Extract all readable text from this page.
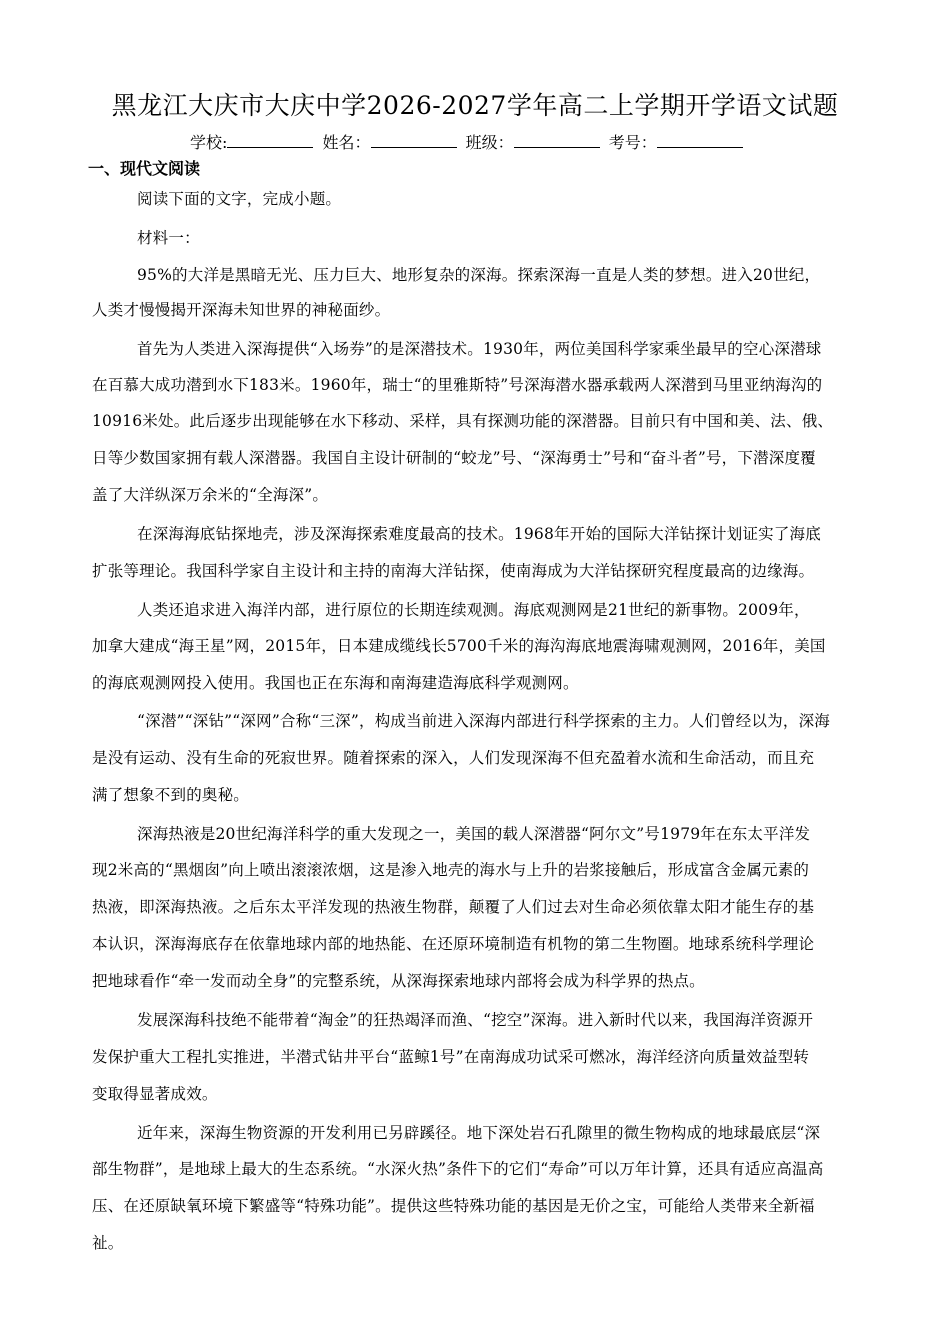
黑龙江大庆市大庆中学2026-2027学年高二上学期开学语文试题
学校:	姓名：	班级：	考号：
一、现代文阅读
阅读下面的文字，完成小题。
材料一：
95%的大洋是黑暗无光、压力巨大、地形复杂的深海。探索深海一直是人类的梦想。进入20世纪，
人类才慢慢揭开深海未知世界的神秘面纱。
首先为人类进入深海提供“入场券”的是深潜技术。1930年，两位美国科学家乘坐最早的空心深潜球
在百慕大成功潜到水下183米。1960年，瑞士“的里雅斯特”号深海潜水器承载两人深潜到马里亚纳海沟的
10916米处。此后逐步出现能够在水下移动、采样，具有探测功能的深潜器。目前只有中国和美、法、俄、
日等少数国家拥有载人深潜器。我国自主设计研制的“蛟龙”号、“深海勇士”号和“奋斗者”号，下潜深度覆
盖了大洋纵深万余米的“全海深”。
在深海海底钻探地壳，涉及深海探索难度最高的技术。1968年开始的国际大洋钻探计划证实了海底
扩张等理论。我国科学家自主设计和主持的南海大洋钻探，使南海成为大洋钻探研究程度最高的边缘海。
人类还追求进入海洋内部，进行原位的长期连续观测。海底观测网是21世纪的新事物。2009年，
加拿大建成“海王星”网，2015年，日本建成缆线长5700千米的海沟海底地震海啸观测网，2016年，美国
的海底观测网投入使用。我国也正在东海和南海建造海底科学观测网。
“深潜”“深钻”“深网”合称“三深”，构成当前进入深海内部进行科学探索的主力。人们曾经以为，深海
是没有运动、没有生命的死寂世界。随着探索的深入，人们发现深海不但充盈着水流和生命活动，而且充
满了想象不到的奥秘。
深海热液是20世纪海洋科学的重大发现之一，美国的载人深潜器“阿尔文”号1979年在东太平洋发
现2米高的“黑烟囱”向上喷出滚滚浓烟，这是渗入地壳的海水与上升的岩浆接触后，形成富含金属元素的
热液，即深海热液。之后东太平洋发现的热液生物群，颠覆了人们过去对生命必须依靠太阳才能生存的基
本认识，深海海底存在依靠地球内部的地热能、在还原环境制造有机物的第二生物圈。地球系统科学理论
把地球看作“牵一发而动全身”的完整系统，从深海探索地球内部将会成为科学界的热点。
发展深海科技绝不能带着“淘金”的狂热竭泽而渔、“挖空”深海。进入新时代以来，我国海洋资源开
发保护重大工程扎实推进，半潜式钻井平台“蓝鲸1号”在南海成功试采可燃冰，海洋经济向质量效益型转
变取得显著成效。
近年来，深海生物资源的开发利用已另辟蹊径。地下深处岩石孔隙里的微生物构成的地球最底层“深
部生物群”，是地球上最大的生态系统。“水深火热”条件下的它们“寿命”可以万年计算，还具有适应高温高
压、在还原缺氧环境下繁盛等“特殊功能”。提供这些特殊功能的基因是无价之宝，可能给人类带来全新福
祉。
